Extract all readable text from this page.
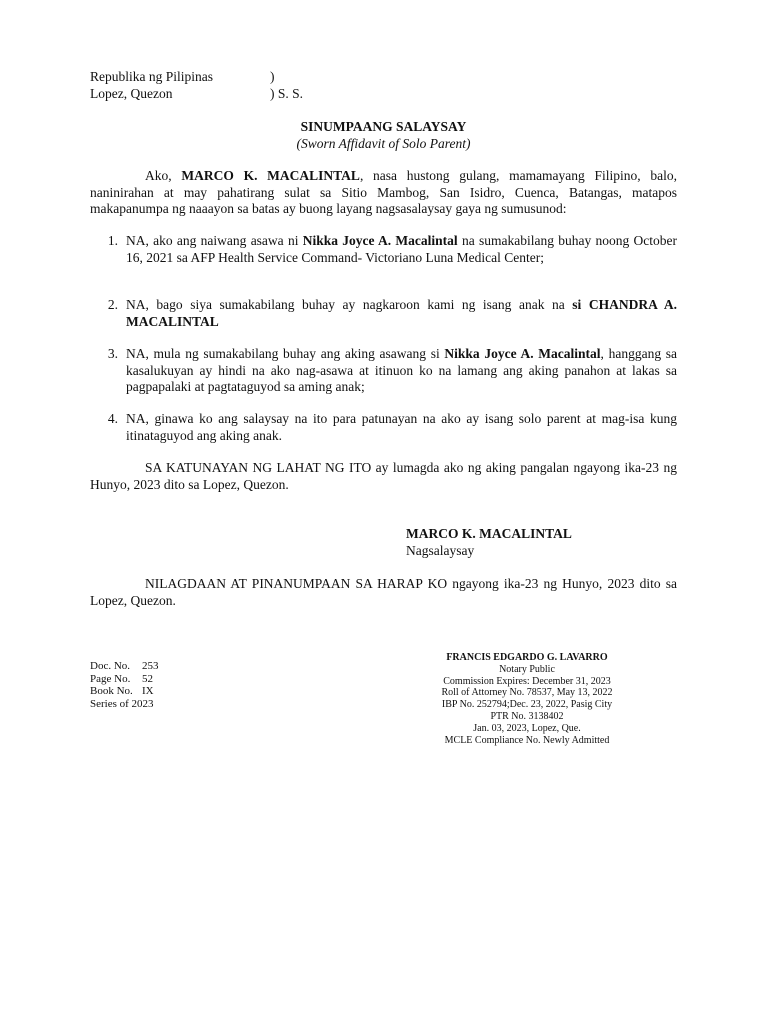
Republika ng Pilipinas	)
Lopez, Quezon	) S. S.
SINUMPAANG SALAYSAY
(Sworn Affidavit of Solo Parent)

Ako, MARCO K. MACALINTAL, nasa hustong gulang, mamamayang Filipino, balo, naninirahan at may pahatirang sulat sa Sitio Mambog, San Isidro, Cuenca, Batangas, matapos makapanumpa ng naaayon sa batas ay buong layang nagsasalaysay gaya ng sumusunod:

1. NA, ako ang naiwang asawa ni Nikka Joyce A. Macalintal na sumakabilang buhay noong October 16, 2021 sa AFP Health Service Command- Victoriano Luna Medical Center;
2. NA, bago siya sumakabilang buhay ay nagkaroon kami ng isang anak na si CHANDRA A. MACALINTAL
3. NA, mula ng sumakabilang buhay ang aking asawang si Nikka Joyce A. Macalintal, hanggang sa kasalukuyan ay hindi na ako nag-asawa at itinuon ko na lamang ang aking panahon at lakas sa pagpapalaki at pagtataguyod sa aming anak;
4. NA, ginawa ko ang salaysay na ito para patunayan na ako ay isang solo parent at mag-isa kung itinataguyod ang aking anak.

SA KATUNAYAN NG LAHAT NG ITO ay lumagda ako ng aking pangalan ngayong ika-23 ng Hunyo, 2023 dito sa Lopez, Quezon.

MARCO K. MACALINTAL
Nagsalaysay

NILAGDAAN AT PINANUMPAAN SA HARAP KO ngayong ika-23 ng Hunyo, 2023 dito sa Lopez, Quezon.

Doc. No.	253
Page No.	52
Book No. IX
Series of 2023
FRANCIS EDGARDO G. LAVARRO
Notary Public
Commission Expires: December 31, 2023
Roll of Attorney No. 78537, May 13, 2022
IBP No. 252794;Dec. 23, 2022, Pasig City
PTR No. 3138402
Jan. 03, 2023, Lopez, Que.
MCLE Compliance No. Newly Admitted
